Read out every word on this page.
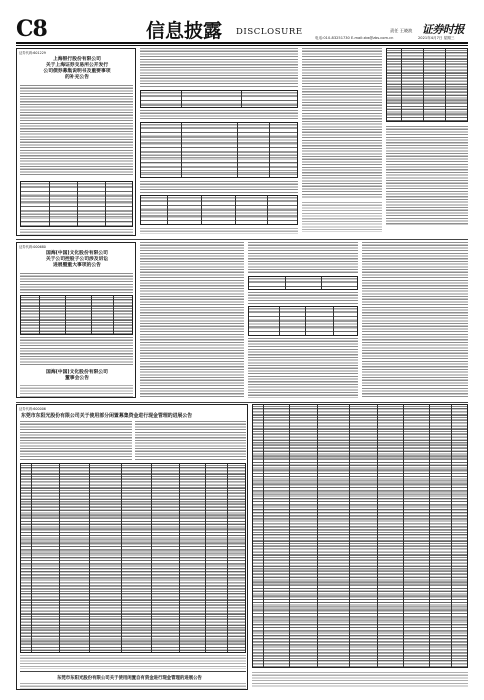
C8	信息披露 DISCLOSURE	责任 王晓波
电话:010-83251730 E-mail:zbs@zbs.com.cn
证券时报
2021年4月7日 星期三
证券代码:601229
上海银行股份有限公司
关于上海证券交易所公开发行
公司债券募集说明书及重要事项
的补充公告
证券代码:000680
国海(中国)文化股份有限公司
关于公司控股子公司涉及诉讼
进展暨重大事项的公告
国海(中国)文化股份有限公司
董事会公告
证券代码:600006
东莞市东阳光股份有限公司关于使用部分闲置募集资金进行现金管理的进展公告
东莞市东阳光股份有限公司关于使用闲置自有资金进行现金管理的进展公告
